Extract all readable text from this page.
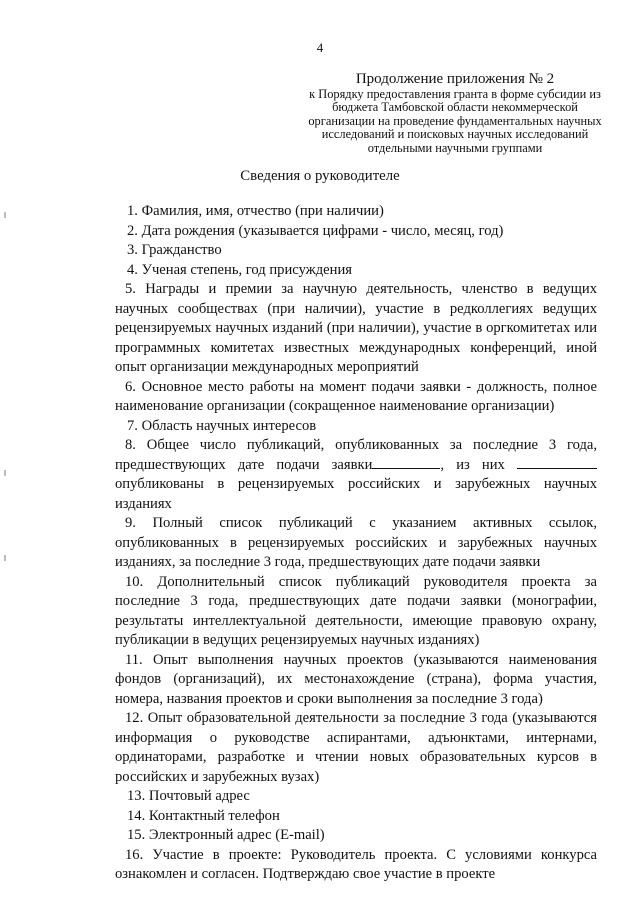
4
Продолжение приложения № 2
к Порядку предоставления гранта в форме субсидии из
бюджета Тамбовской области некоммерческой
организации на проведение фундаментальных научных
исследований и поисковых научных исследований
отдельными научными группами
Сведения о руководителе

1. Фамилия, имя, отчество (при наличии)

2. Дата рождения (указывается цифрами - число, месяц, год)

3. Гражданство

4. Ученая степень, год присуждения

5. Награды и премии за научную деятельность, членство в ведущих научных сообществах (при наличии), участие в редколлегиях ведущих рецензируемых научных изданий (при наличии), участие в оргкомитетах или программных комитетах известных международных конференций, иной опыт организации международных мероприятий

6. Основное место работы на момент подачи заявки - должность, полное наименование организации (сокращенное наименование организации)

7. Область научных интересов

8. Общее число публикаций, опубликованных за последние 3 года, предшествующих дате подачи заявки	, из них  опубликованы в рецензируемых российских и зарубежных научных изданиях

9. Полный список публикаций с указанием активных ссылок, опубликованных в рецензируемых российских и зарубежных научных изданиях, за последние 3 года, предшествующих дате подачи заявки

10. Дополнительный список публикаций руководителя проекта за последние 3 года, предшествующих дате подачи заявки (монографии, результаты интеллектуальной деятельности, имеющие правовую охрану, публикации в ведущих рецензируемых научных изданиях)

11. Опыт выполнения научных проектов (указываются наименования фондов (организаций), их местонахождение (страна), форма участия, номера, названия проектов и сроки выполнения за последние 3 года)

12. Опыт образовательной деятельности за последние 3 года (указываются информация о руководстве аспирантами, адъюнктами, интернами, ординаторами, разработке и чтении новых образовательных курсов в российских и зарубежных вузах)

13. Почтовый адрес

14. Контактный телефон

15. Электронный адрес (E-mail)

16. Участие в проекте: Руководитель проекта. С условиями конкурса ознакомлен и согласен. Подтверждаю свое участие в проекте
